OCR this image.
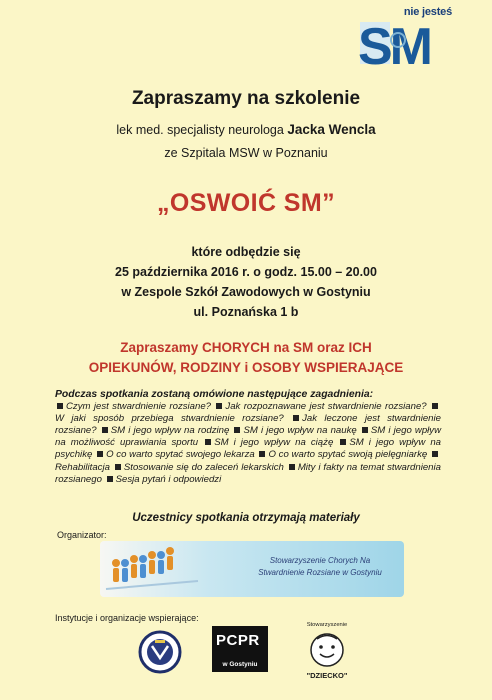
nie jesteś
SM
Zapraszamy na szkolenie
lek med. specjalisty neurologa Jacka Wencla
ze Szpitala MSW w Poznaniu
„OSWOIĆ SM”
które odbędzie się
25 października 2016 r. o godz. 15.00 – 20.00
w Zespole Szkół Zawodowych w Gostyniu
ul. Poznańska 1 b
Zapraszamy CHORYCH na SM oraz ICH
OPIEKUNÓW, RODZINY i OSOBY WSPIERAJĄCE
Podczas spotkania zostaną omówione następujące zagadnienia:
Czym jest stwardnienie rozsiane? Jak rozpoznawane jest stwardnienie rozsiane? W jaki sposób przebiega stwardnienie rozsiane? Jak leczone jest stwardnienie rozsiane? SM i jego wpływ na rodzinę SM i jego wpływ na naukę SM i jego wpływ na możliwość uprawiania sportu SM i jego wpływ na ciążę SM i jego wpływ na psychikę O co warto spytać swojego lekarza O co warto spytać swoją pielęgniarkę Rehabilitacja Stosowanie się do zaleceń lekarskich Mity i fakty na temat stwardnienia rozsianego Sesja pytań i odpowiedzi
Uczestnicy spotkania otrzymają materiały
Organizator:
Stowarzyszenie Chorych Na
Stwardnienie Rozsiane w Gostyniu
Instytucje i organizacje wspierające:
PCPR
w Gostyniu
Stowarzyszenie
"DZIECKO"
